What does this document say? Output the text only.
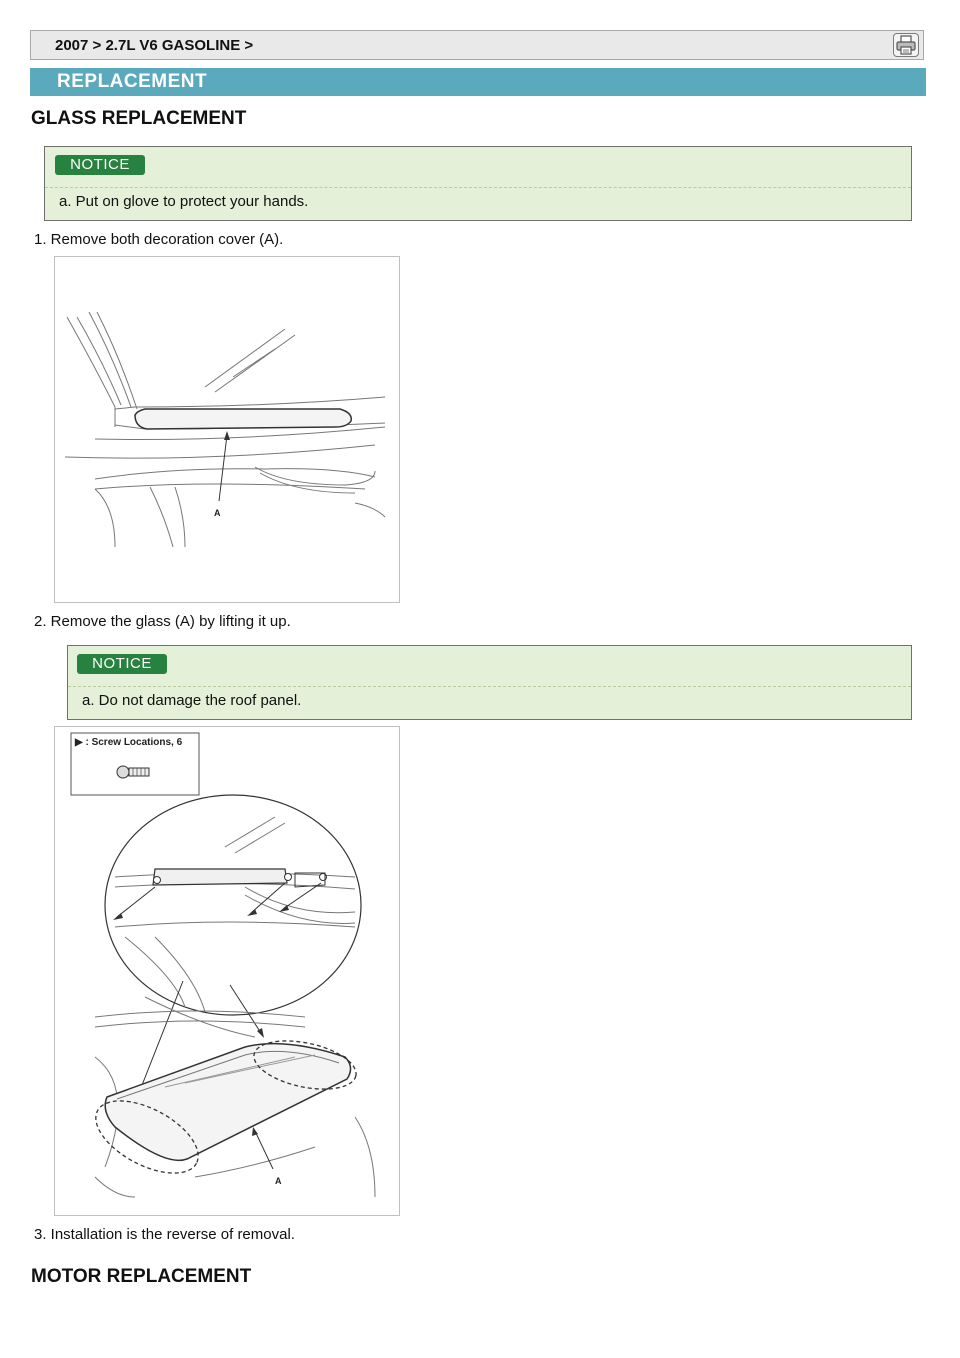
2007 > 2.7L V6 GASOLINE >
REPLACEMENT
GLASS REPLACEMENT
NOTICE
a. Put on glove to protect your hands.
1. Remove both decoration cover (A).
A
2. Remove the glass (A) by lifting it up.
NOTICE
a. Do not damage the roof panel.
▶ : Screw Locations, 6
A
3. Installation is the reverse of removal.
MOTOR REPLACEMENT
